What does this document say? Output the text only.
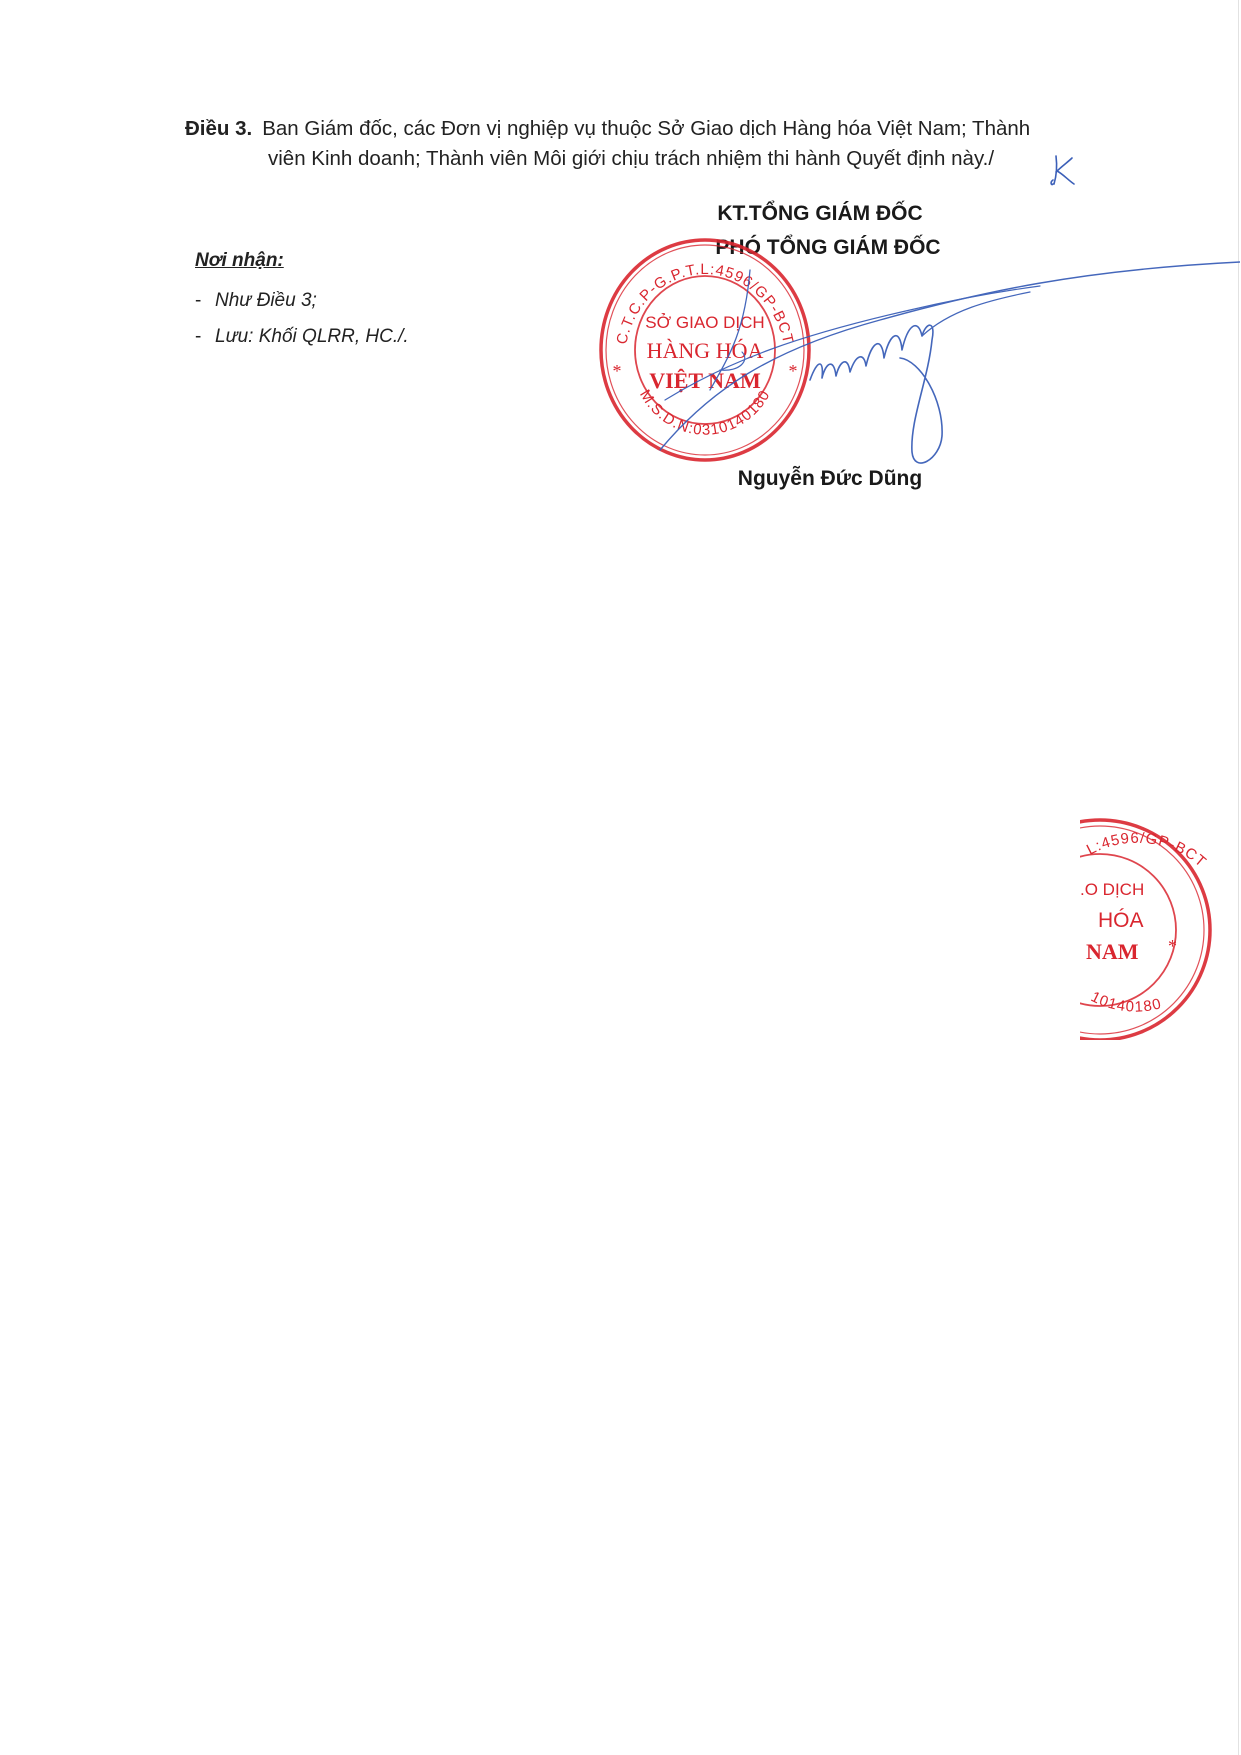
Điều 3. Ban Giám đốc, các Đơn vị nghiệp vụ thuộc Sở Giao dịch Hàng hóa Việt Nam; Thành
viên Kinh doanh; Thành viên Môi giới chịu trách nhiệm thi hành Quyết định này./
KT.TỔNG GIÁM ĐỐC
PHÓ TỔNG GIÁM ĐỐC
Nơi nhận:
- Như Điều 3;
- Lưu: Khối QLRR, HC./.	C.T.C.P-G.P.T.L:4596/GP-BCT
M.S.D.N:0310140180
SỞ GIAO DỊCH
HÀNG HÓA
VIỆT NAM
*	*
Nguyễn Đức Dũng
L:4596/GP-BCT
10140180
.O DỊCH
HÓA
NAM *
